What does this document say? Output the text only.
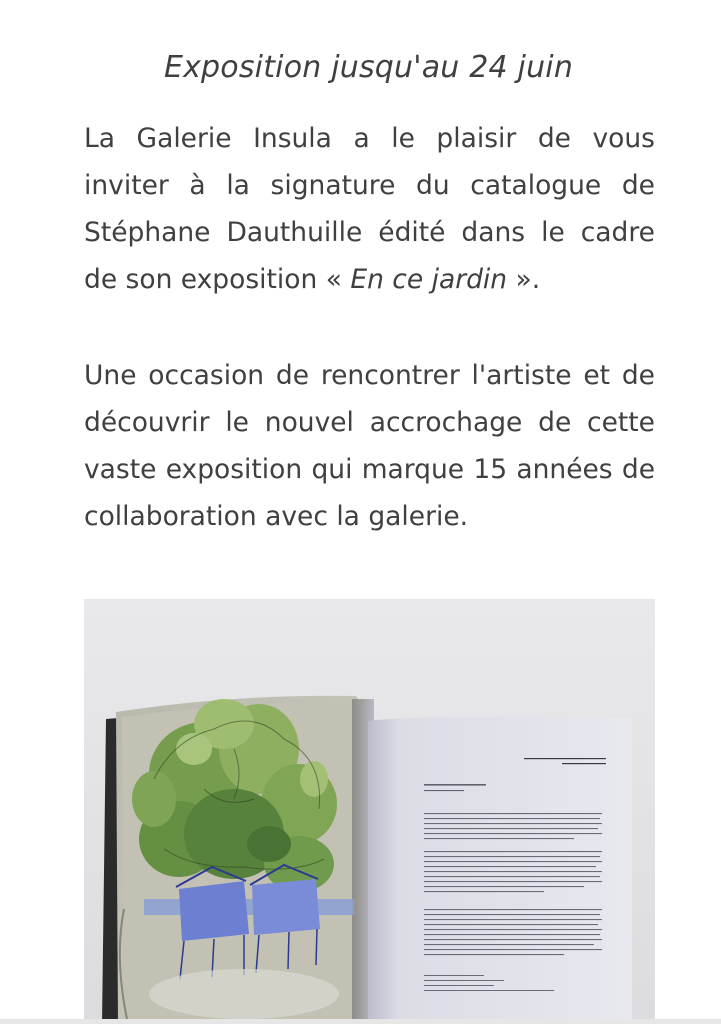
Exposition jusqu'au 24 juin

La Galerie Insula a le plaisir de vous inviter à la signature du catalogue de Stéphane Dauthuille édité dans le cadre de son exposition « En ce jardin ».

Une occasion de rencontrer l'artiste et de découvrir le nouvel accrochage de cette vaste exposition qui marque 15 années de collaboration avec la galerie.
